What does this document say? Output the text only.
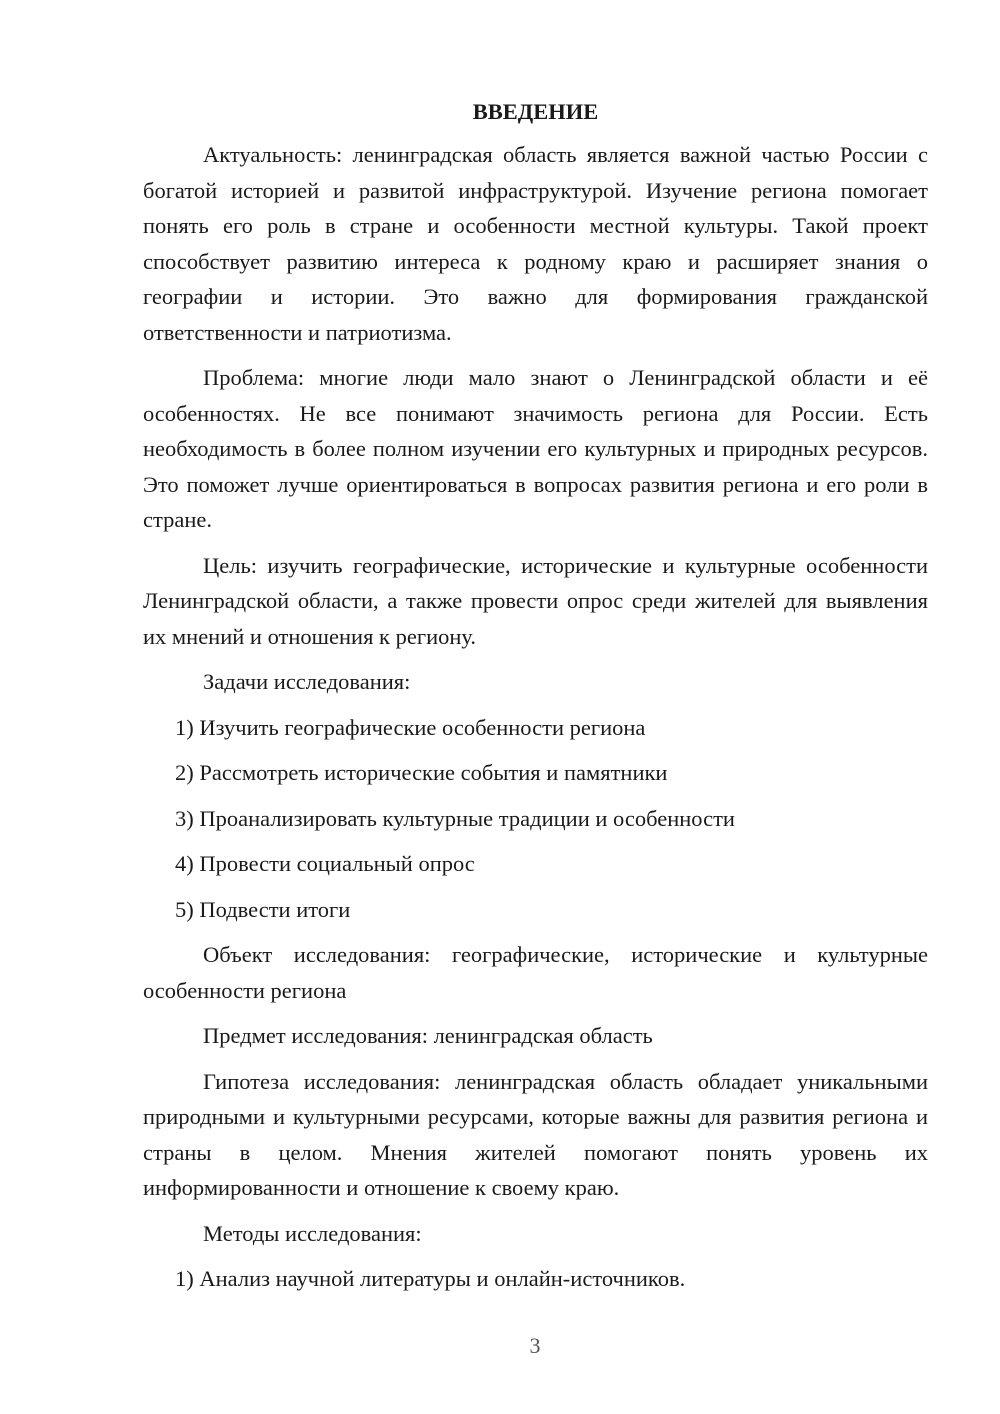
ВВЕДЕНИЕ

Актуальность: ленинградская область является важной частью России с богатой историей и развитой инфраструктурой. Изучение региона помогает понять его роль в стране и особенности местной культуры. Такой проект способствует развитию интереса к родному краю и расширяет знания о географии и истории. Это важно для формирования гражданской ответственности и патриотизма.

Проблема: многие люди мало знают о Ленинградской области и её особенностях. Не все понимают значимость региона для России. Есть необходимость в более полном изучении его культурных и природных ресурсов. Это поможет лучше ориентироваться в вопросах развития региона и его роли в стране.

Цель: изучить географические, исторические и культурные особенности Ленинградской области, а также провести опрос среди жителей для выявления их мнений и отношения к региону.

Задачи исследования:

1) Изучить географические особенности региона
2) Рассмотреть исторические события и памятники
3) Проанализировать культурные традиции и особенности
4) Провести социальный опрос
5) Подвести итоги

Объект исследования: географические, исторические и культурные особенности региона

Предмет исследования: ленинградская область

Гипотеза исследования: ленинградская область обладает уникальными природными и культурными ресурсами, которые важны для развития региона и страны в целом. Мнения жителей помогают понять уровень их информированности и отношение к своему краю.

Методы исследования:

1) Анализ научной литературы и онлайн-источников.
3
